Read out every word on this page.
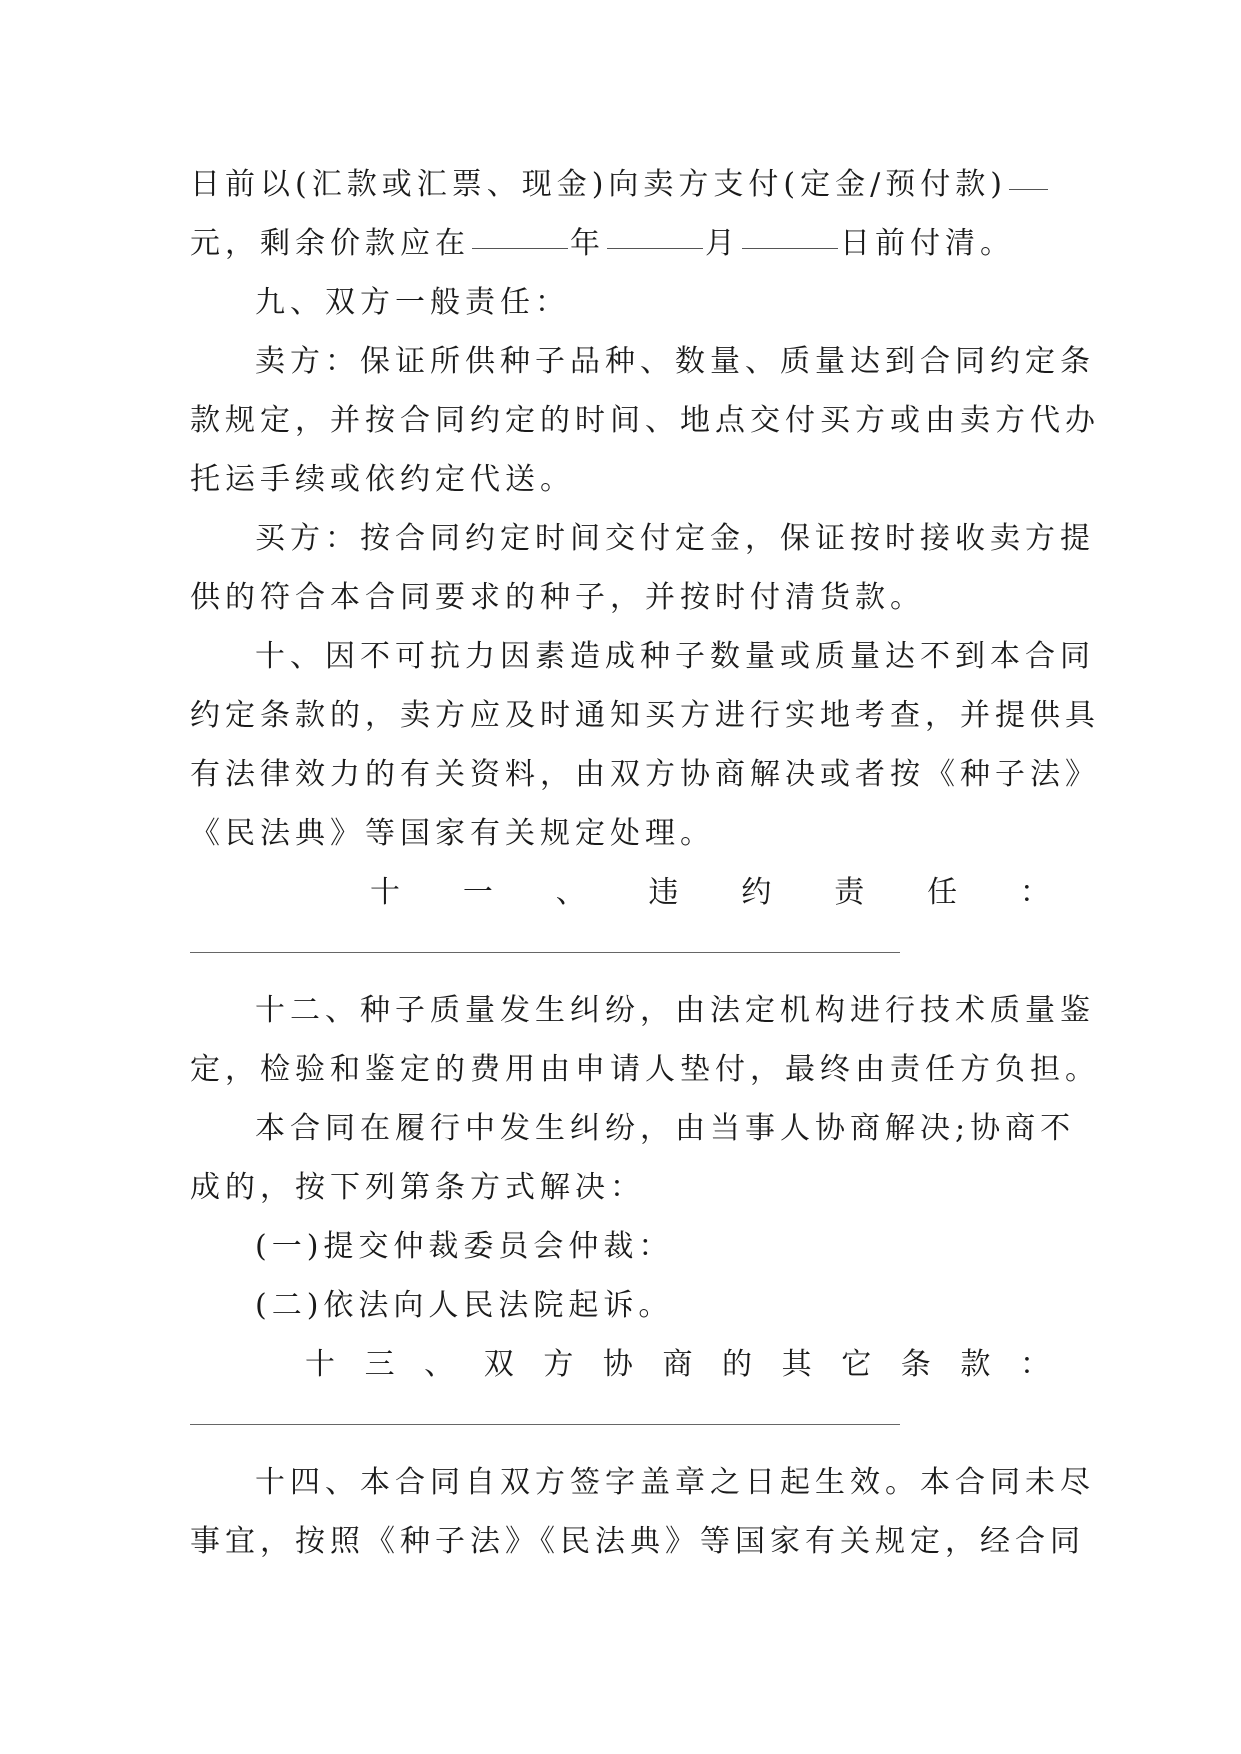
日前以(汇款或汇票、现金)向卖方支付(定金/预付款)
元，剩余价款应在	年	月	日前付清。
九、双方一般责任：
卖方：保证所供种子品种、数量、质量达到合同约定条
款规定，并按合同约定的时间、地点交付买方或由卖方代办
托运手续或依约定代送。
买方：按合同约定时间交付定金，保证按时接收卖方提
供的符合本合同要求的种子，并按时付清货款。
十、因不可抗力因素造成种子数量或质量达不到本合同
约定条款的，卖方应及时通知买方进行实地考查，并提供具
有法律效力的有关资料，由双方协商解决或者按《种子法》
《民法典》等国家有关规定处理。
十 一 、 违 约 责 任 ：
十二、种子质量发生纠纷，由法定机构进行技术质量鉴
定，检验和鉴定的费用由申请人垫付，最终由责任方负担。
本合同在履行中发生纠纷，由当事人协商解决;协商不
成的，按下列第条方式解决：
(一)提交仲裁委员会仲裁：
(二)依法向人民法院起诉。
十 三 、 双 方 协 商 的 其 它 条 款 ：
十四、本合同自双方签字盖章之日起生效。本合同未尽
事宜，按照《种子法》《民法典》等国家有关规定，经合同
